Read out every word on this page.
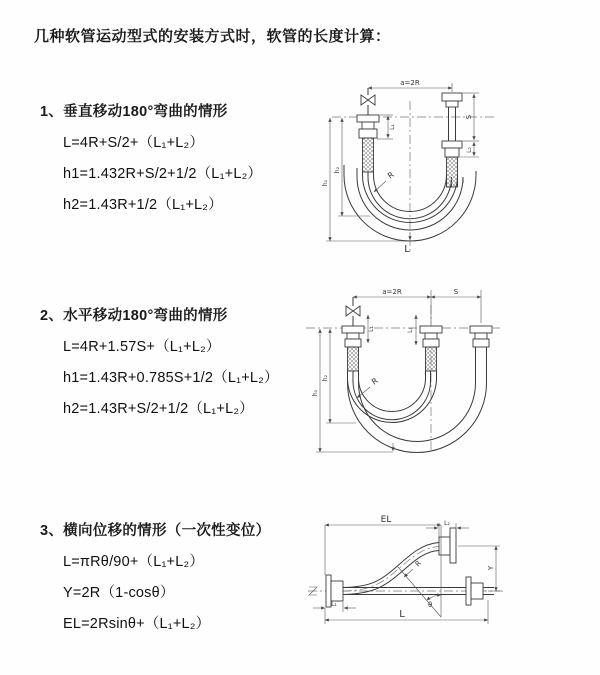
几种软管运动型式的安装方式时，软管的长度计算：
1、垂直移动180°弯曲的情形
L=4R+S/2+（L₁+L₂）
h1=1.432R+S/2+1/2（L₁+L₂）
h2=1.43R+1/2（L₁+L₂）
2、水平移动180°弯曲的情形
L=4R+1.57S+（L₁+L₂）
h1=1.43R+0.785S+1/2（L₁+L₂）
h2=1.43R+S/2+1/2（L₁+L₂）
3、横向位移的情形（一次性变位）
L=πRθ/90+（L₁+L₂）
Y=2R（1-cosθ）
EL=2Rsinθ+（L₁+L₂）
a=2R
L₁
S
L₂
h₁
h₂
R
L
a=2R	S
L₁	L₁
h₁
h₂	R
EL	L₂
Y
R
θ
L
L₁
